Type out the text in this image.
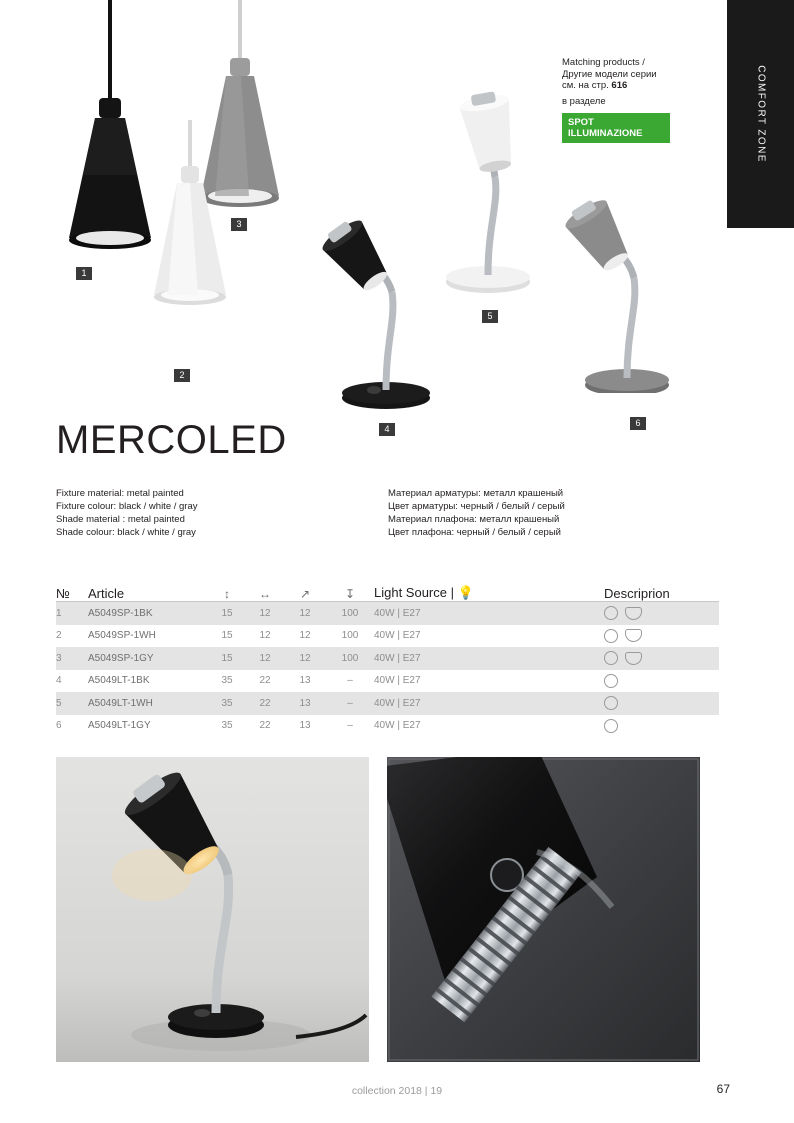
COMFORT ZONE
Matching products /
Другие модели серии
см. на стр. 616
в разделе
SPOT
ILLUMINAZIONE
1
3
2
4
5
6
MERCOLED
Fixture material: metal painted
Fixture colour: black / white / gray
Shade material : metal painted
Shade colour: black / white / gray
Материал арматуры: металл крашеный
Цвет арматуры: черный / белый / серый
Материал плафона: металл крашеный
Цвет плафона: черный / белый / серый
№	Article	↕	↔	↗	↧	Light Source | 💡	Descriprion
1	A5049SP-1BK	15	12	12	100	40W | E27
2	A5049SP-1WH	15	12	12	100	40W | E27
3	A5049SP-1GY	15	12	12	100	40W | E27
4	A5049LT-1BK	35	22	13	–	40W | E27
5	A5049LT-1WH	35	22	13	–	40W | E27
6	A5049LT-1GY	35	22	13	–	40W | E27
collection 2018 | 19	67
